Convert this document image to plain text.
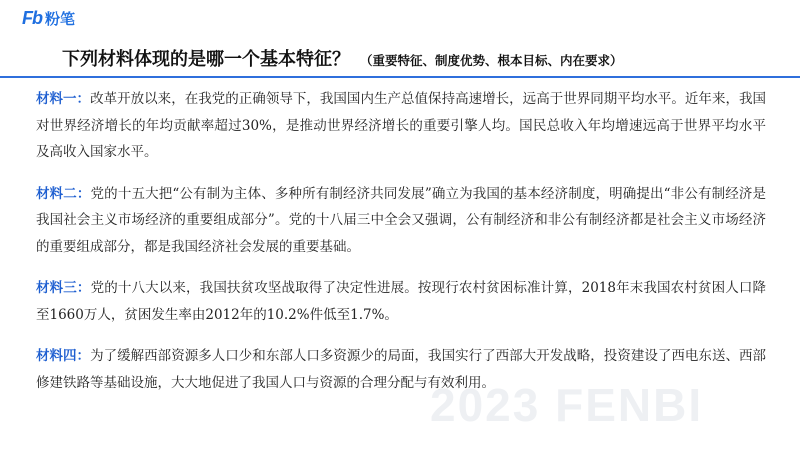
Fb 粉笔
下列材料体现的是哪一个基本特征？ （重要特征、制度优势、根本目标、内在要求）

材料一：改革开放以来，在我党的正确领导下，我国国内生产总值保持高速增长，远高于世界同期平均水平。近年来，我国对世界经济增长的年均贡献率超过30%，是推动世界经济增长的重要引擎人均。国民总收入年均增速远高于世界平均水平及高收入国家水平。

材料二：党的十五大把“公有制为主体、多种所有制经济共同发展”确立为我国的基本经济制度，明确提出“非公有制经济是我国社会主义市场经济的重要组成部分”。党的十八届三中全会又强调，公有制经济和非公有制经济都是社会主义市场经济的重要组成部分，都是我国经济社会发展的重要基础。

材料三：党的十八大以来，我国扶贫攻坚战取得了决定性进展。按现行农村贫困标准计算，2018年末我国农村贫困人口降至1660万人，贫困发生率由2012年的10.2%件低至1.7%。

材料四：为了缓解西部资源多人口少和东部人口多资源少的局面，我国实行了西部大开发战略，投资建设了西电东送、西部修建铁路等基础设施，大大地促进了我国人口与资源的合理分配与有效利用。

2023 FENBI
